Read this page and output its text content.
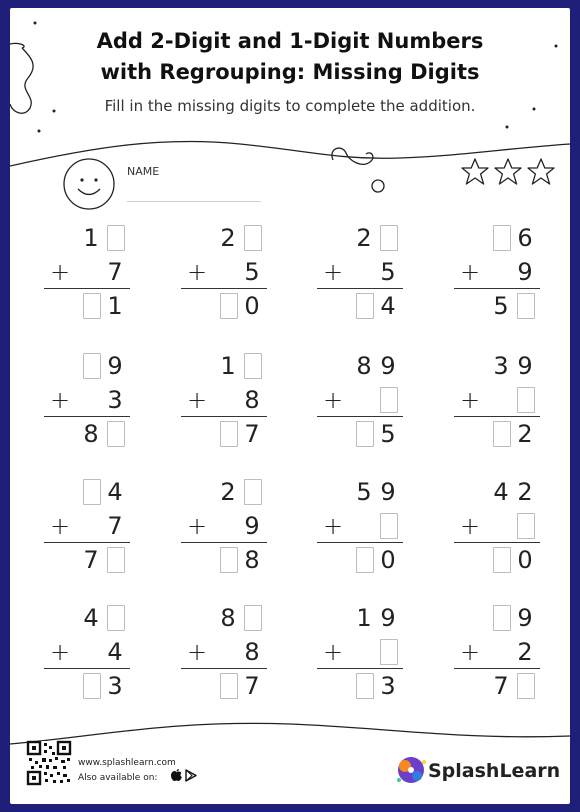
Add 2-Digit and 1-Digit Numbers
with Regrouping: Missing Digits
Fill in the missing digits to complete the addition.
NAME
1
+ 7
1
2
+ 5
0
2
+ 5
4
6
+ 9
5
9
+ 3
8
1
+ 8
7
8 9
+
5
3 9
+
2
4
+ 7
7
2
+ 9
8
5 9
+
0
4 2
+
0
4
+ 4
3
8
+ 8
7
1 9
+
3
9
+ 2
7
www.splashlearn.com
Also available on:	SplashLearn
